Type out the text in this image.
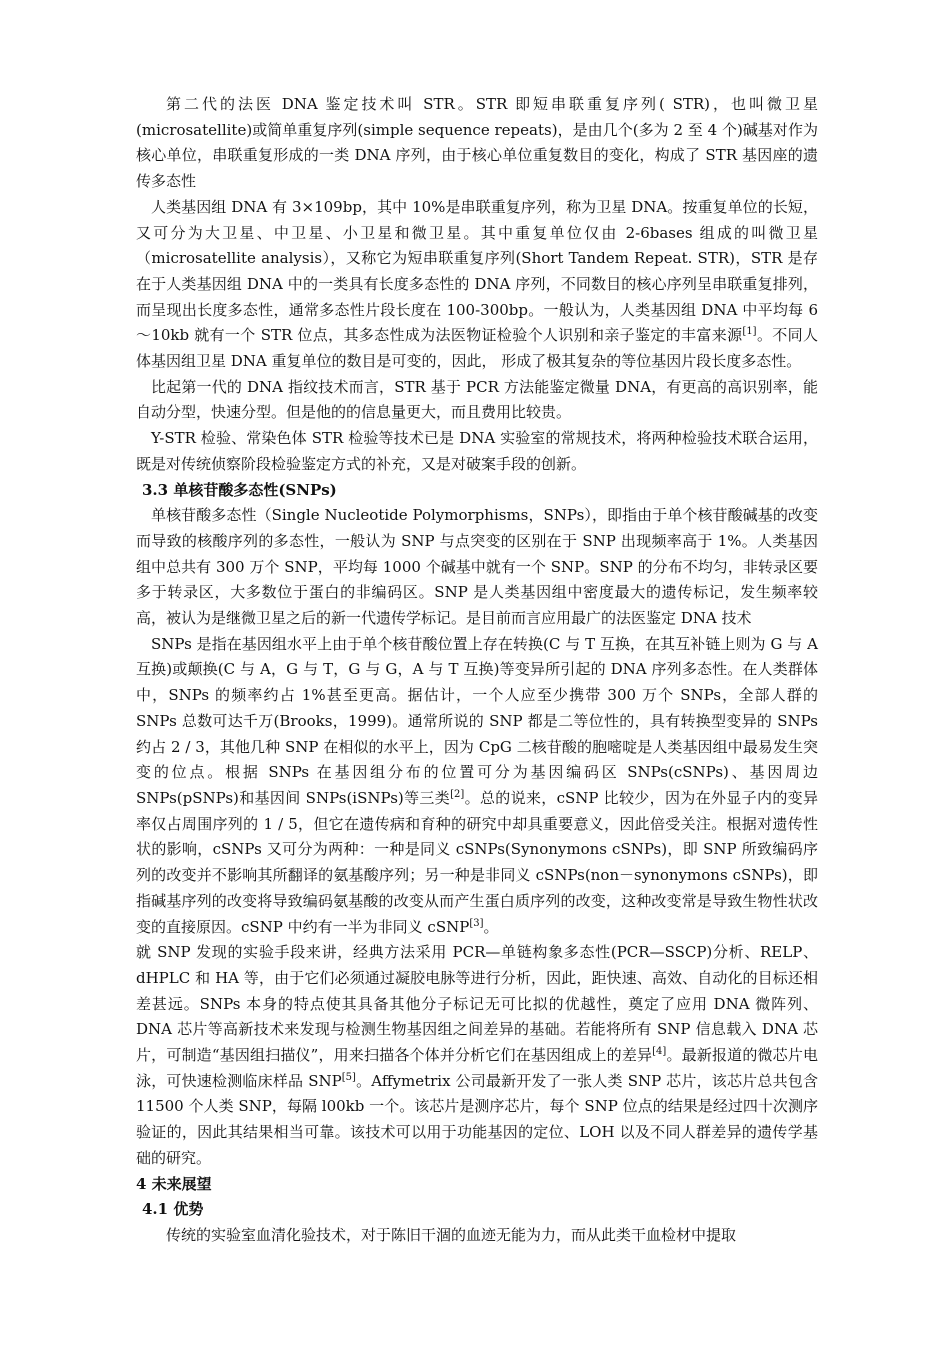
第二代的法医 DNA 鉴定技术叫 STR。STR 即短串联重复序列( STR)，也叫微卫星(microsatellite)或简单重复序列(simple sequence repeats)，是由几个(多为 2 至 4 个)碱基对作为核心单位，串联重复形成的一类 DNA 序列，由于核心单位重复数目的变化，构成了 STR 基因座的遗传多态性

人类基因组 DNA 有 3×109bp，其中 10%是串联重复序列，称为卫星 DNA。按重复单位的长短，又可分为大卫星、中卫星、小卫星和微卫星。其中重复单位仅由 2-6bases 组成的叫微卫星（microsatellite analysis），又称它为短串联重复序列(Short Tandem Repeat. STR)，STR 是存在于人类基因组 DNA 中的一类具有长度多态性的 DNA 序列，不同数目的核心序列呈串联重复排列，而呈现出长度多态性，通常多态性片段长度在 100-300bp。一般认为，人类基因组 DNA 中平均每 6～10kb 就有一个 STR 位点，其多态性成为法医物证检验个人识别和亲子鉴定的丰富来源[1]。不同人体基因组卫星 DNA 重复单位的数目是可变的，因此， 形成了极其复杂的等位基因片段长度多态性。

比起第一代的 DNA 指纹技术而言，STR 基于 PCR 方法能鉴定微量 DNA，有更高的高识别率，能自动分型，快速分型。但是他的的信息量更大，而且费用比较贵。

Y-STR 检验、常染色体 STR 检验等技术已是 DNA 实验室的常规技术，将两种检验技术联合运用，既是对传统侦察阶段检验鉴定方式的补充，又是对破案手段的创新。

3.3 单核苷酸多态性(SNPs)

单核苷酸多态性（Single Nucleotide Polymorphisms，SNPs），即指由于单个核苷酸碱基的改变而导致的核酸序列的多态性，一般认为 SNP 与点突变的区别在于 SNP 出现频率高于 1%。人类基因组中总共有 300 万个 SNP，平均每 1000 个碱基中就有一个 SNP。SNP 的分布不均匀，非转录区要多于转录区，大多数位于蛋白的非编码区。SNP 是人类基因组中密度最大的遗传标记，发生频率较高，被认为是继微卫星之后的新一代遗传学标记。是目前而言应用最广的法医鉴定 DNA 技术

SNPs 是指在基因组水平上由于单个核苷酸位置上存在转换(C 与 T 互换，在其互补链上则为 G 与 A 互换)或颠换(C 与 A，G 与 T，G 与 G，A 与 T 互换)等变异所引起的 DNA 序列多态性。在人类群体中，SNPs 的频率约占 1%甚至更高。据估计，一个人应至少携带 300 万个 SNPs，全部人群的 SNPs 总数可达千万(Brooks，1999)。通常所说的 SNP 都是二等位性的，具有转换型变异的 SNPs 约占 2 / 3，其他几种 SNP 在相似的水平上，因为 CpG 二核苷酸的胞嘧啶是人类基因组中最易发生突变的位点。根据 SNPs 在基因组分布的位置可分为基因编码区 SNPs(cSNPs)、基因周边 SNPs(pSNPs)和基因间 SNPs(iSNPs)等三类[2]。总的说来，cSNP 比较少，因为在外显子内的变异率仅占周围序列的 1 / 5，但它在遗传病和育种的研究中却具重要意义，因此倍受关注。根据对遗传性状的影响，cSNPs 又可分为两种：一种是同义 cSNPs(Synonymons cSNPs)，即 SNP 所致编码序列的改变并不影响其所翻译的氨基酸序列；另一种是非同义 cSNPs(non－synonymons cSNPs)，即指碱基序列的改变将导致编码氨基酸的改变从而产生蛋白质序列的改变，这种改变常是导致生物性状改变的直接原因。cSNP 中约有一半为非同义 cSNP[3]。

就 SNP 发现的实验手段来讲，经典方法采用 PCR—单链构象多态性(PCR—SSCP)分析、RELP、dHPLC 和 HA 等，由于它们必须通过凝胶电脉等进行分析，因此，距快速、高效、自动化的目标还相差甚远。SNPs 本身的特点使其具备其他分子标记无可比拟的优越性，奠定了应用 DNA 微阵列、DNA 芯片等高新技术来发现与检测生物基因组之间差异的基础。若能将所有 SNP 信息载入 DNA 芯片，可制造“基因组扫描仪”，用来扫描各个体并分析它们在基因组成上的差异[4]。最新报道的微芯片电泳，可快速检测临床样品 SNP[5]。Affymetrix 公司最新开发了一张人类 SNP 芯片，该芯片总共包含 11500 个人类 SNP，每隔 l00kb 一个。该芯片是测序芯片，每个 SNP 位点的结果是经过四十次测序验证的，因此其结果相当可靠。该技术可以用于功能基因的定位、LOH 以及不同人群差异的遗传学基础的研究。

4 未来展望

4.1 优势

传统的实验室血清化验技术，对于陈旧干涸的血迹无能为力，而从此类干血检材中提取
